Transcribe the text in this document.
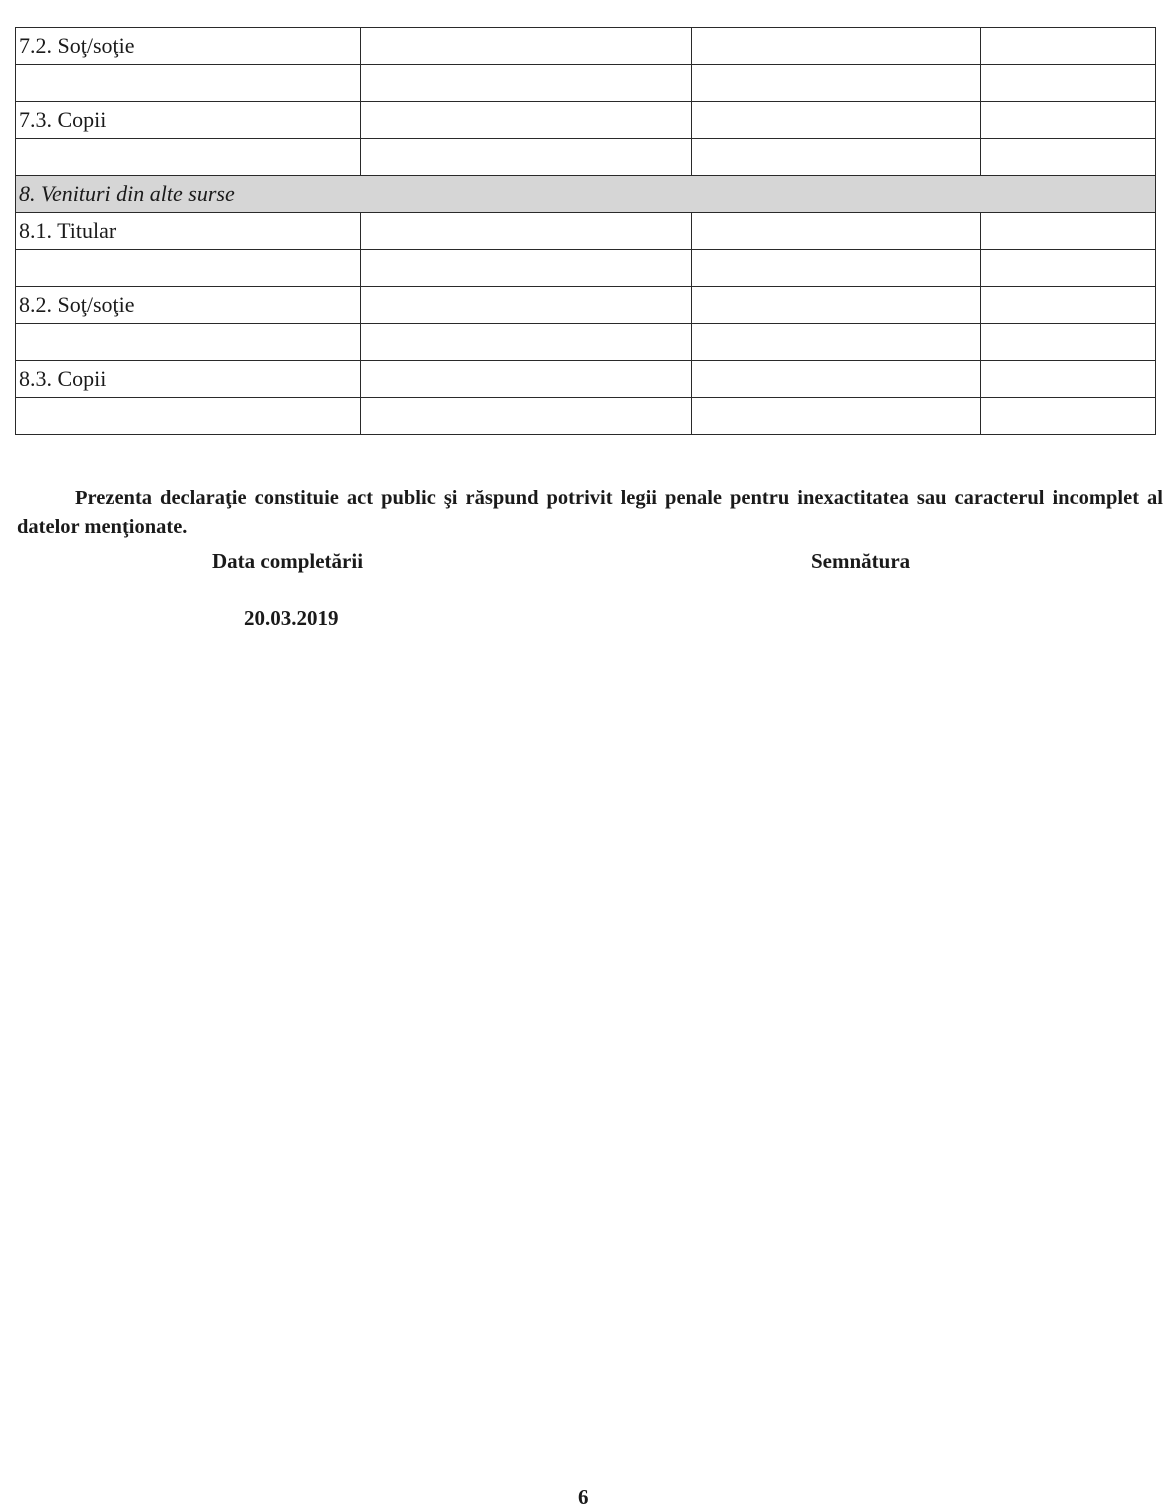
7.2. Soţ/soţie			

7.3. Copii			

8. Venituri din alte surse			
8.1. Titular			

8.2. Soţ/soţie			

8.3. Copii			

Prezenta declaraţie constituie act public şi răspund potrivit legii penale pentru inexactitatea sau caracterul incomplet al datelor menţionate.

Data completării	Semnătura
20.03.2019
6
